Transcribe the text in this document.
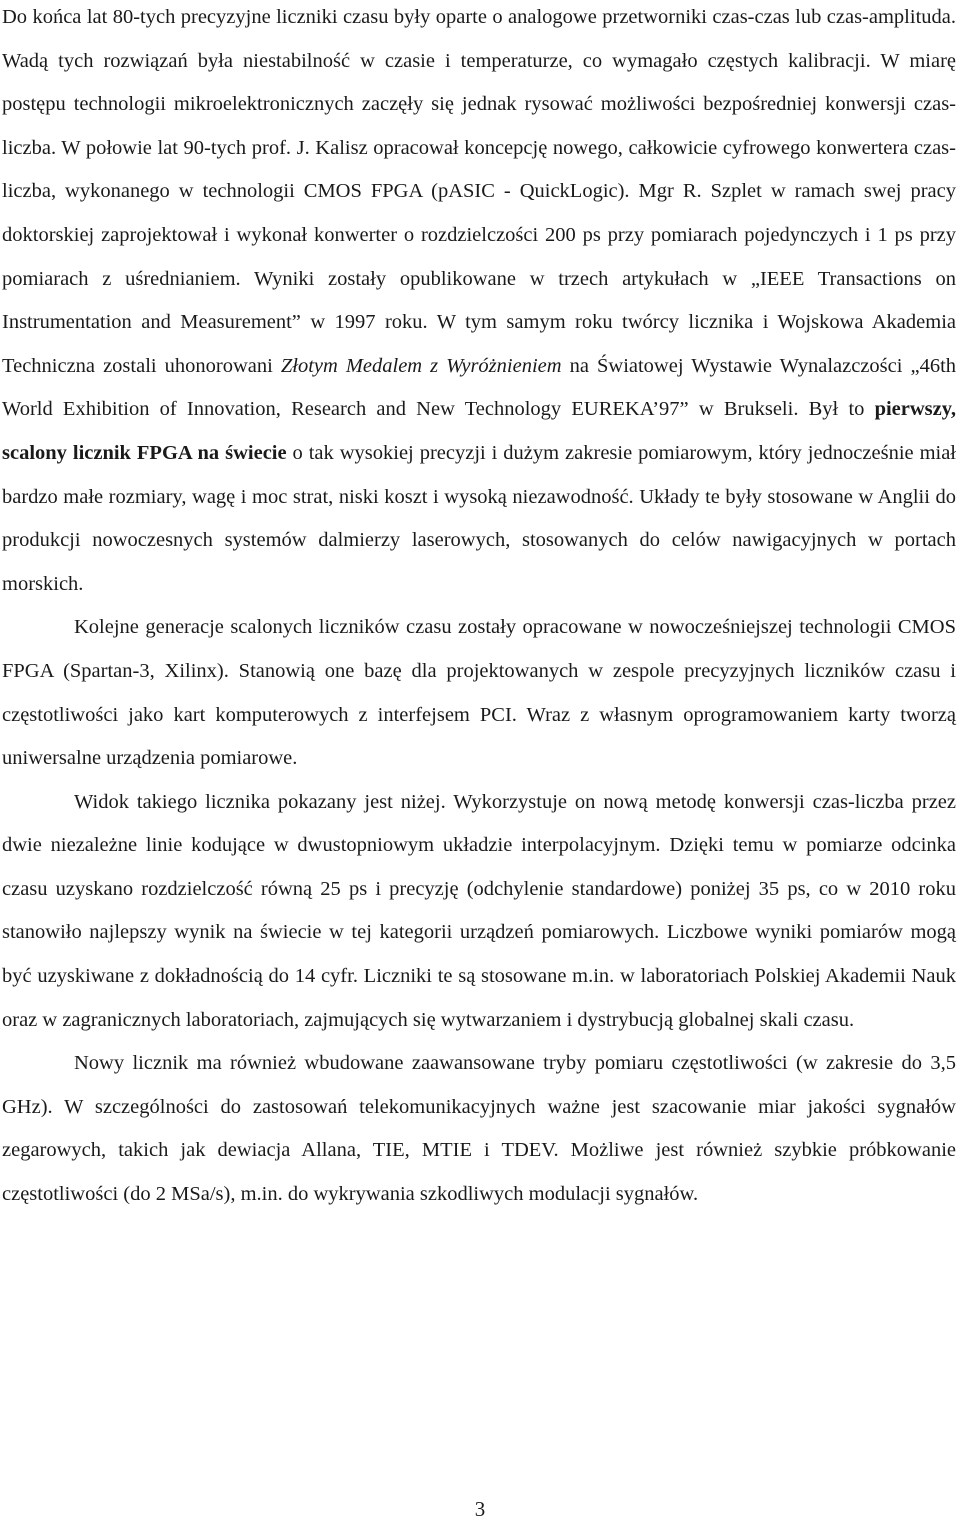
Do końca lat 80-tych precyzyjne liczniki czasu były oparte o analogowe przetworniki czas-czas lub czas-amplituda. Wadą tych rozwiązań była niestabilność w czasie i temperaturze, co wymagało częstych kalibracji. W miarę postępu technologii mikroelektronicznych zaczęły się jednak rysować możliwości bezpośredniej konwersji czas-liczba. W połowie lat 90-tych prof. J. Kalisz opracował koncepcję nowego, całkowicie cyfrowego konwertera czas-liczba, wykonanego w technologii CMOS FPGA (pASIC - QuickLogic). Mgr R. Szplet w ramach swej pracy doktorskiej zaprojektował i wykonał konwerter o rozdzielczości 200 ps przy pomiarach pojedynczych i 1 ps przy pomiarach z uśrednianiem. Wyniki zostały opublikowane w trzech artykułach w „IEEE Transactions on Instrumentation and Measurement” w 1997 roku. W tym samym roku twórcy licznika i Wojskowa Akademia Techniczna zostali uhonorowani Złotym Medalem z Wyróżnieniem na Światowej Wystawie Wynalazczości „46th World Exhibition of Innovation, Research and New Technology EUREKA’97” w Brukseli. Był to pierwszy, scalony licznik FPGA na świecie o tak wysokiej precyzji i dużym zakresie pomiarowym, który jednocześnie miał bardzo małe rozmiary, wagę i moc strat, niski koszt i wysoką niezawodność. Układy te były stosowane w Anglii do produkcji nowoczesnych systemów dalmierzy laserowych, stosowanych do celów nawigacyjnych w portach morskich.

Kolejne generacje scalonych liczników czasu zostały opracowane w nowocześniejszej technologii CMOS FPGA (Spartan-3, Xilinx). Stanowią one bazę dla projektowanych w zespole precyzyjnych liczników czasu i częstotliwości jako kart komputerowych z interfejsem PCI. Wraz z własnym oprogramowaniem karty tworzą uniwersalne urządzenia pomiarowe.

Widok takiego licznika pokazany jest niżej. Wykorzystuje on nową metodę konwersji czas-liczba przez dwie niezależne linie kodujące w dwustopniowym układzie interpolacyjnym. Dzięki temu w pomiarze odcinka czasu uzyskano rozdzielczość równą 25 ps i precyzję (odchylenie standardowe) poniżej 35 ps, co w 2010 roku stanowiło najlepszy wynik na świecie w tej kategorii urządzeń pomiarowych. Liczbowe wyniki pomiarów mogą być uzyskiwane z dokładnością do 14 cyfr. Liczniki te są stosowane m.in. w laboratoriach Polskiej Akademii Nauk oraz w zagranicznych laboratoriach, zajmujących się wytwarzaniem i dystrybucją globalnej skali czasu.

Nowy licznik ma również wbudowane zaawansowane tryby pomiaru częstotliwości (w zakresie do 3,5 GHz). W szczególności do zastosowań telekomunikacyjnych ważne jest szacowanie miar jakości sygnałów zegarowych, takich jak dewiacja Allana, TIE, MTIE i TDEV. Możliwe jest również szybkie próbkowanie częstotliwości (do 2 MSa/s), m.in. do wykrywania szkodliwych modulacji sygnałów.

3
